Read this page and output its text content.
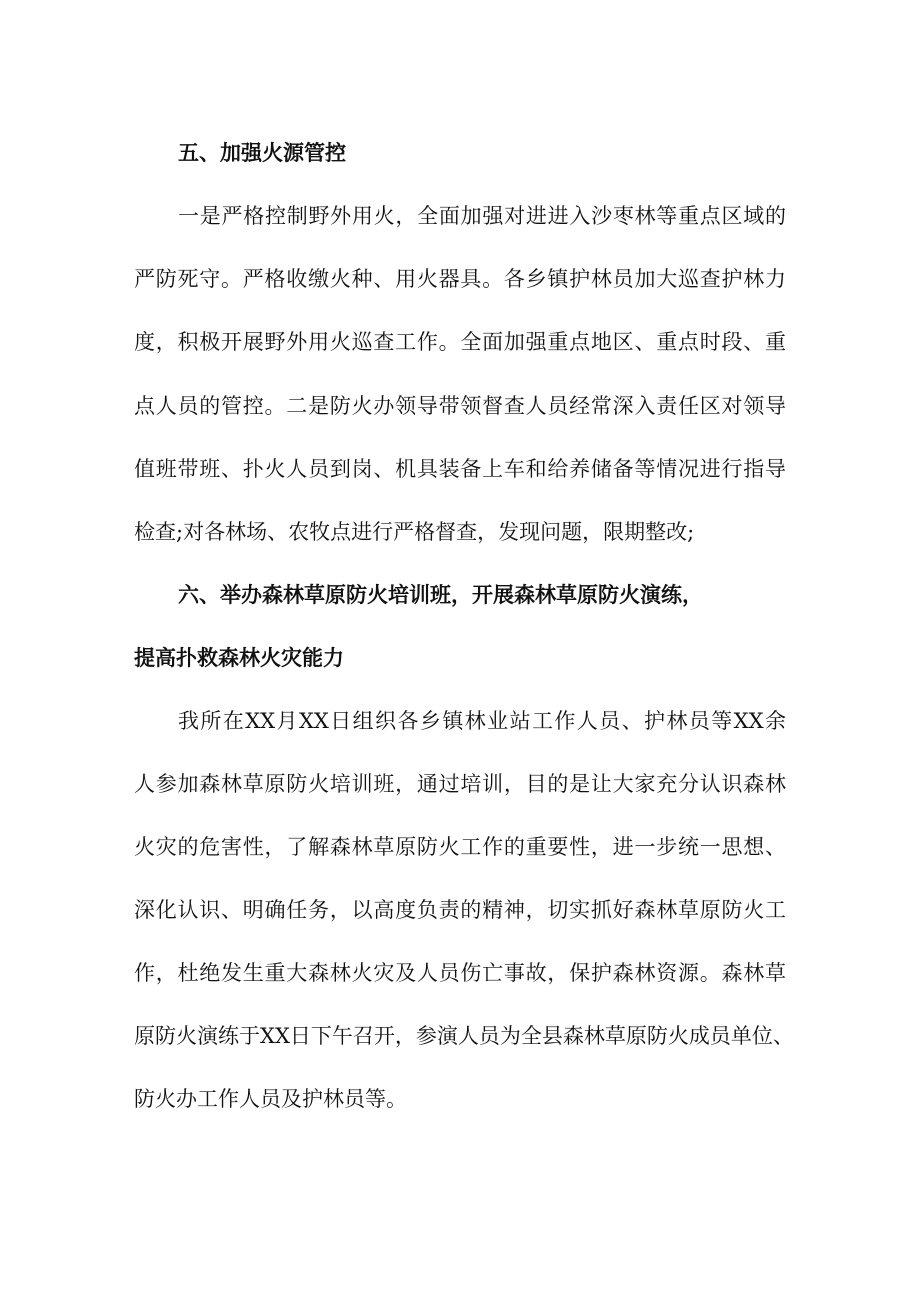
五、加强火源管控

一是严格控制野外用火，全面加强对进进入沙枣林等重点区域的

严防死守。严格收缴火种、用火器具。各乡镇护林员加大巡查护林力

度，积极开展野外用火巡查工作。全面加强重点地区、重点时段、重

点人员的管控。二是防火办领导带领督查人员经常深入责任区对领导

值班带班、扑火人员到岗、机具装备上车和给养储备等情况进行指导

检查;对各林场、农牧点进行严格督查，发现问题，限期整改;

六、举办森林草原防火培训班，开展森林草原防火演练，

提高扑救森林火灾能力

我所在XX月XX日组织各乡镇林业站工作人员、护林员等XX余

人参加森林草原防火培训班，通过培训，目的是让大家充分认识森林

火灾的危害性，了解森林草原防火工作的重要性，进一步统一思想、

深化认识、明确任务，以高度负责的精神，切实抓好森林草原防火工

作，杜绝发生重大森林火灾及人员伤亡事故，保护森林资源。森林草

原防火演练于XX日下午召开，参演人员为全县森林草原防火成员单位、

防火办工作人员及护林员等。
